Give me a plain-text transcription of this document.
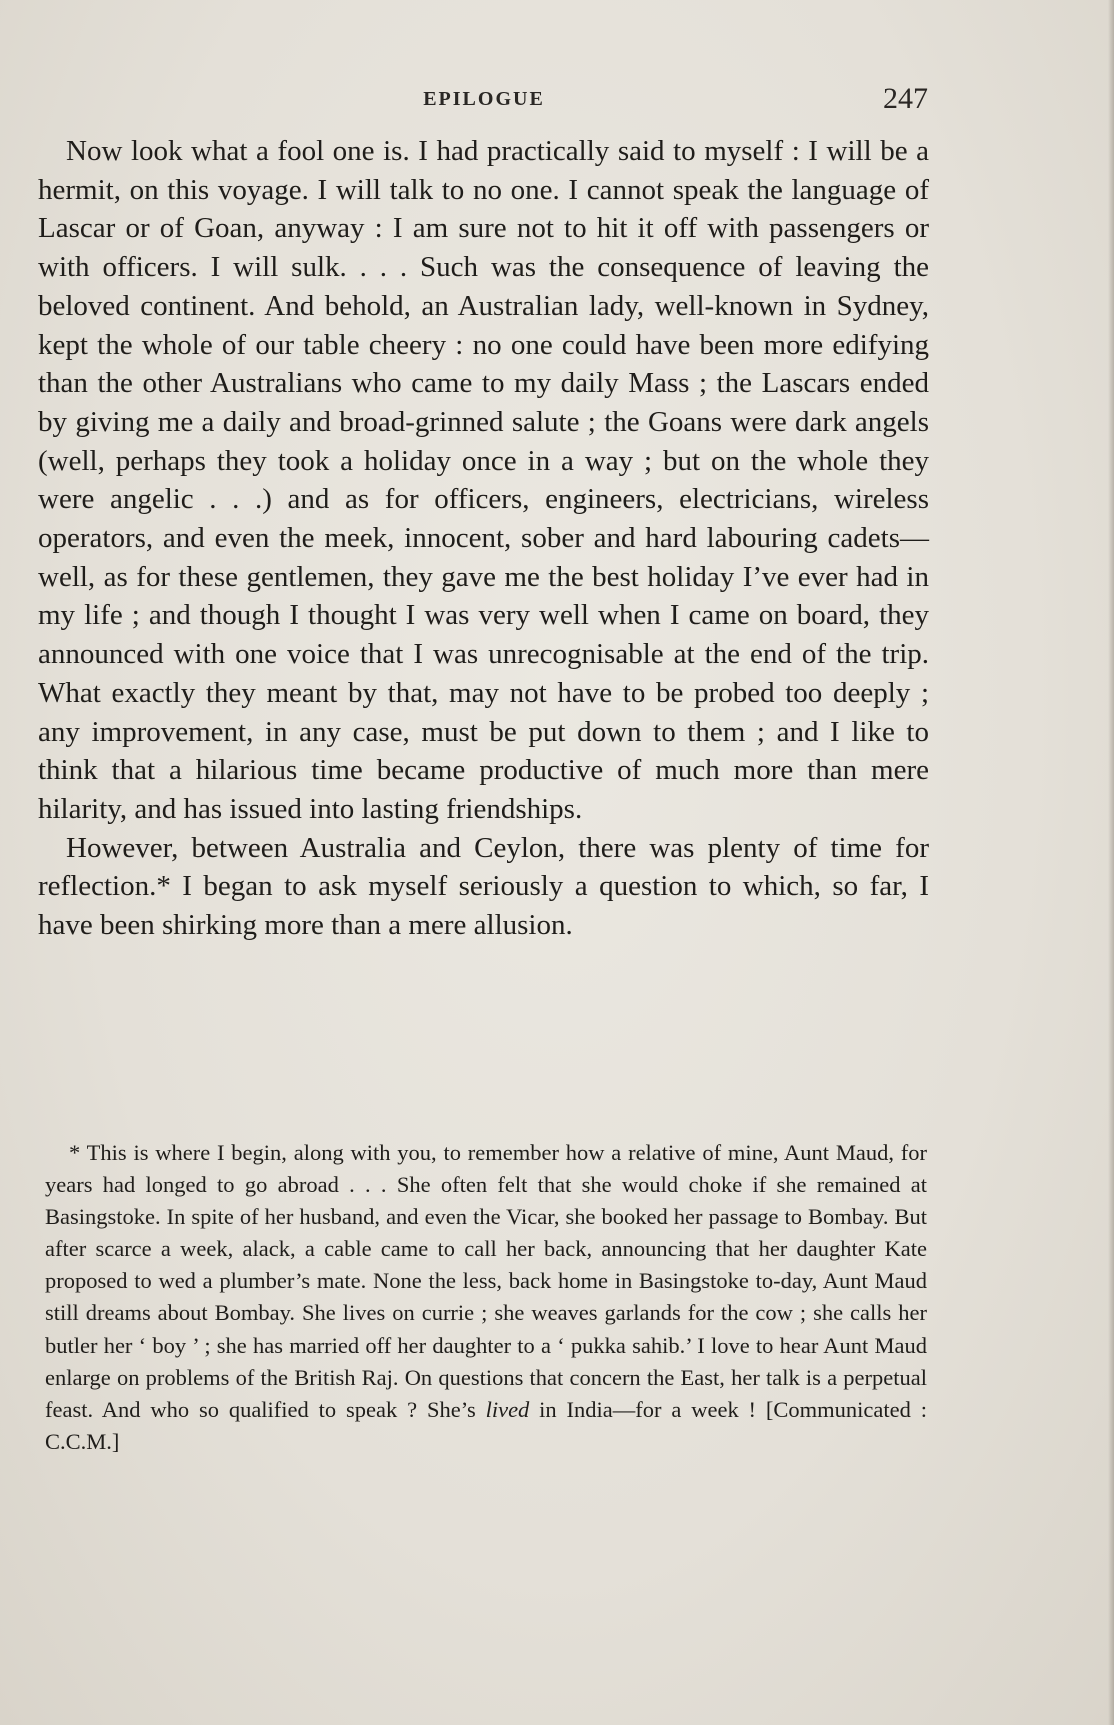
EPILOGUE	247

Now look what a fool one is. I had practically said to myself : I will be a hermit, on this voyage. I will talk to no one. I cannot speak the language of Lascar or of Goan, anyway : I am sure not to hit it off with passengers or with officers. I will sulk. . . . Such was the consequence of leaving the beloved continent. And behold, an Australian lady, well-known in Sydney, kept the whole of our table cheery : no one could have been more edifying than the other Australians who came to my daily Mass ; the Lascars ended by giving me a daily and broad-grinned salute ; the Goans were dark angels (well, perhaps they took a holiday once in a way ; but on the whole they were angelic . . .) and as for officers, engineers, electricians, wireless operators, and even the meek, innocent, sober and hard labouring cadets—well, as for these gentlemen, they gave me the best holiday I’ve ever had in my life ; and though I thought I was very well when I came on board, they announced with one voice that I was unrecognisable at the end of the trip. What exactly they meant by that, may not have to be probed too deeply ; any improvement, in any case, must be put down to them ; and I like to think that a hilarious time became productive of much more than mere hilarity, and has issued into lasting friendships.

However, between Australia and Ceylon, there was plenty of time for reflection.* I began to ask myself seriously a question to which, so far, I have been shirking more than a mere allusion.

* This is where I begin, along with you, to remember how a relative of mine, Aunt Maud, for years had longed to go abroad . . . She often felt that she would choke if she remained at Basingstoke. In spite of her husband, and even the Vicar, she booked her passage to Bombay. But after scarce a week, alack, a cable came to call her back, announcing that her daughter Kate proposed to wed a plumber’s mate. None the less, back home in Basingstoke to-day, Aunt Maud still dreams about Bombay. She lives on currie ; she weaves garlands for the cow ; she calls her butler her ‘ boy ’ ; she has married off her daughter to a ‘ pukka sahib.’ I love to hear Aunt Maud enlarge on problems of the British Raj. On questions that concern the East, her talk is a perpetual feast. And who so qualified to speak ? She’s lived in India—for a week ! [Communicated : C.C.M.]
